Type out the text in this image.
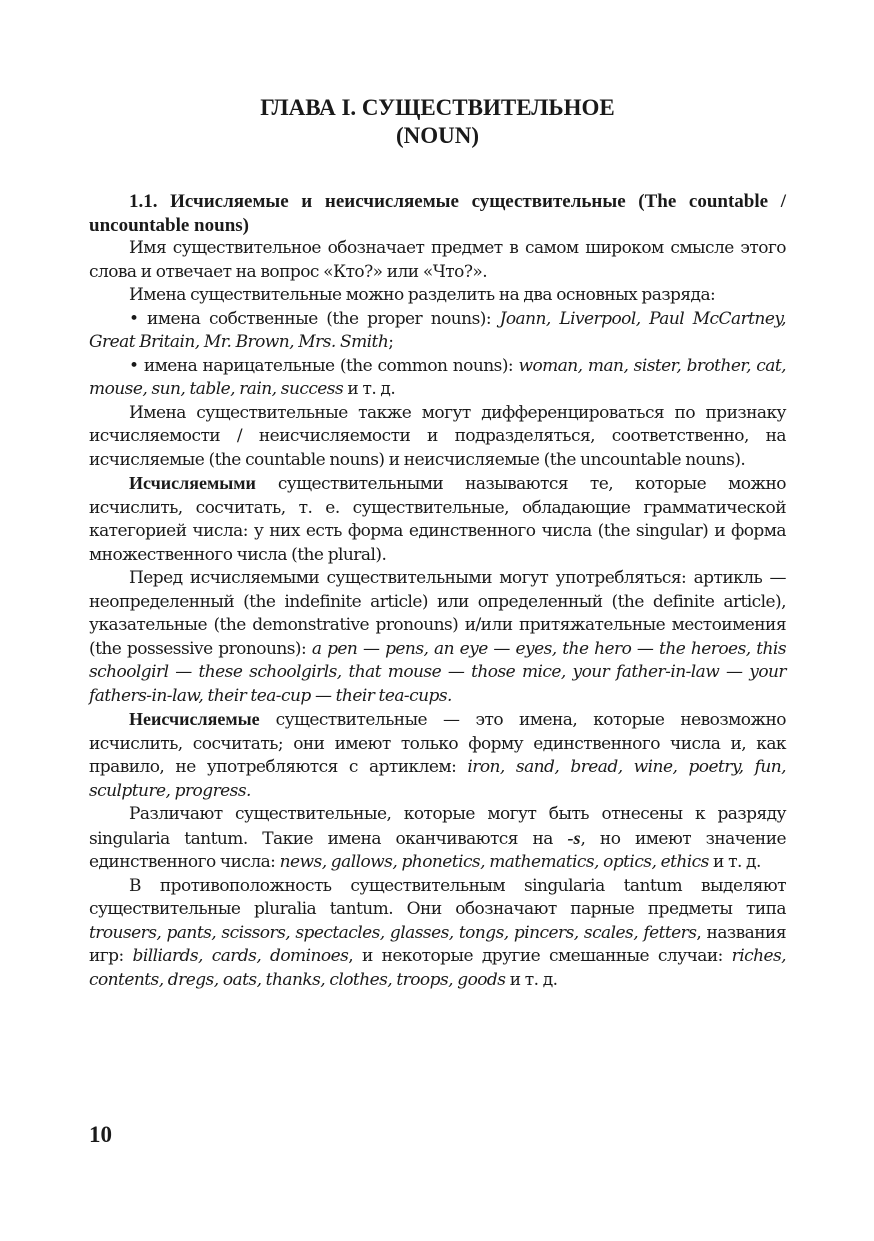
ГЛАВА I. СУЩЕСТВИТЕЛЬНОЕ
(NOUN)

1.1. Исчисляемые и неисчисляемые существительные (The countable / uncountable nouns)

Имя существительное обозначает предмет в самом широком смысле этого слова и отвечает на вопрос «Кто?» или «Что?».

Имена существительные можно разделить на два основных разряда:

• имена собственные (the proper nouns): Joann, Liverpool, Paul McCartney, Great Britain, Mr. Brown, Mrs. Smith;

• имена нарицательные (the common nouns): woman, man, sister, brother, cat, mouse, sun, table, rain, success и т. д.

Имена существительные также могут дифференцироваться по признаку исчисляемости / неисчисляемости и подразделяться, соответственно, на исчисляемые (the countable nouns) и неисчисляемые (the uncountable nouns).

Исчисляемыми существительными называются те, которые можно исчислить, сосчитать, т. е. существительные, обладающие грамматической категорией числа: у них есть форма единственного числа (the singular) и форма множественного числа (the plural).

Перед исчисляемыми существительными могут употребляться: артикль — неопределенный (the indefinite article) или определенный (the definite article), указательные (the demonstrative pronouns) и/или притяжательные местоимения (the possessive pronouns): a pen — pens, an eye — eyes, the hero — the heroes, this schoolgirl — these schoolgirls, that mouse — those mice, your father-in-law — your fathers-in-law, their tea-cup — their tea-cups.

Неисчисляемые существительные — это имена, которые невозможно исчислить, сосчитать; они имеют только форму единственного числа и, как правило, не употребляются с артиклем: iron, sand, bread, wine, poetry, fun, sculpture, progress.

Различают существительные, которые могут быть отнесены к разряду singularia tantum. Такие имена оканчиваются на -s, но имеют значение единственного числа: news, gallows, phonetics, mathematics, optics, ethics и т. д.

В противоположность существительным singularia tantum выделяют существительные pluralia tantum. Они обозначают парные предметы типа trousers, pants, scissors, spectacles, glasses, tongs, pincers, scales, fetters, названия игр: billiards, cards, dominoes, и некоторые другие смешанные случаи: riches, contents, dregs, oats, thanks, clothes, troops, goods и т. д.

10
